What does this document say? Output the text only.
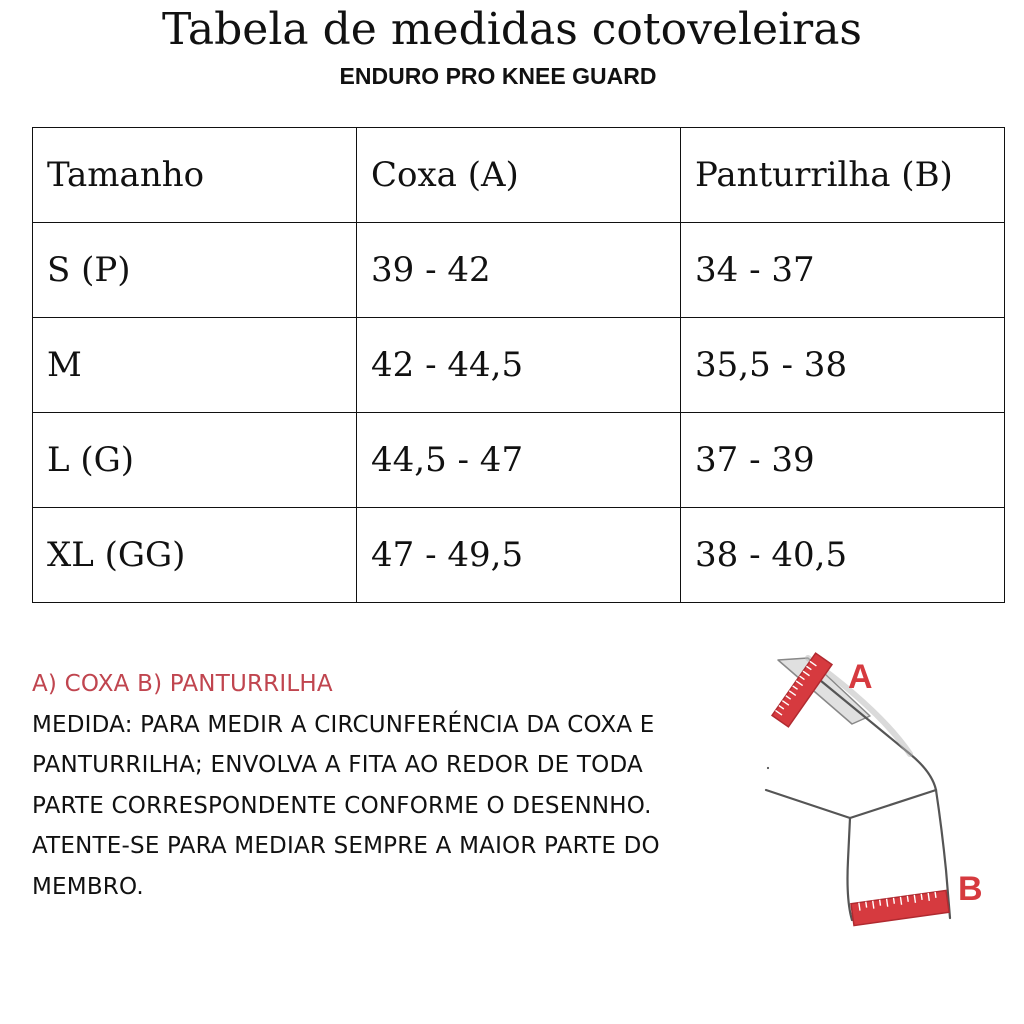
Tabela de medidas cotoveleiras
ENDURO PRO KNEE GUARD
Tamanho	Coxa (A)	Panturrilha (B)
S (P)	39 - 42	34 - 37
M	42 - 44,5	35,5 - 38
L (G)	44,5 - 47	37 - 39
XL (GG)	47 - 49,5	38 - 40,5
A) COXA B) PANTURRILHA
MEDIDA: PARA MEDIR A CIRCUNFERÉNCIA DA COXA E
PANTURRILHA; ENVOLVA A FITA AO REDOR DE TODA
PARTE CORRESPONDENTE CONFORME O DESENNHO.
ATENTE-SE PARA MEDIAR SEMPRE A MAIOR PARTE DO
MEMBRO.
A
B
